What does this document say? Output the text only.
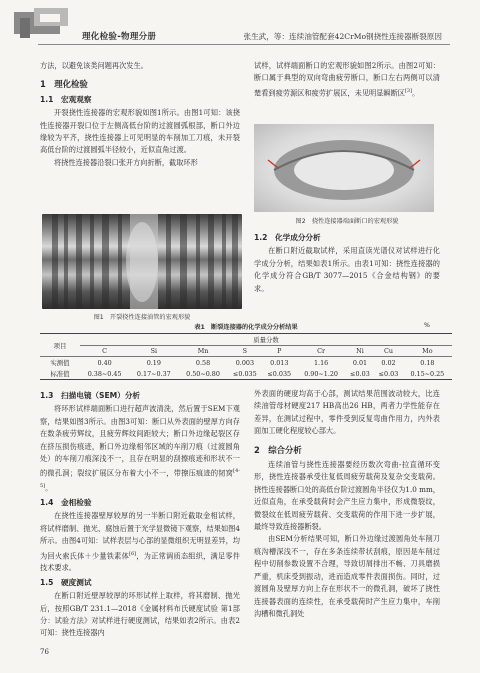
理化检验-物理分册	张生武，等：连续油管配套42CrMo钢挠性连接器断裂原因

方法，以避免该类问题再次发生。

1　理化检验
1.1　宏观观察

开裂挠性连接器的宏观形貌如图1所示。由图1可知：该挠性连接器开裂口位于左侧高低台阶的过渡圆弧根部，断口外边缘较为平齐，挠性连接器上可见明显的车削加工刀痕，未开裂高低台阶的过渡圆弧半径较小，近似直角过渡。

将挠性连接器沿裂口张开方向折断，截取环形

图1　开裂挠性连接油管的宏观形貌

试样，试样端面断口的宏观形貌如图2所示。由图2可知：断口属于典型的双向弯曲疲劳断口，断口左右两侧可以清楚看到疲劳源区和疲劳扩展区，未见明显瞬断区[3]。

图2　挠性连接器端面断口的宏观形貌
1.2　化学成分分析

在断口附近截取试样，采用直读光谱仪对试样进行化学成分分析，结果如表1所示。由表1可知：挠性连接器的化学成分符合GB/T 3077—2015《合金结构钢》的要求。

表1　断裂连接器的化学成分分析结果	%
项目	质量分数								
	C	Si	Mn	S	P	Cr	Ni	Cu	Mo
实测值	0.40	0.19	0.58	0.003	0.013	1.16	0.01	0.02	0.18
标准值	0.38~0.45	0.17~0.37	0.50~0.80	≤0.035	≤0.035	0.90~1.20	≤0.03	≤0.03	0.15~0.25
1.3　扫描电镜（SEM）分析

将环形试样端面断口进行超声波清洗，然后置于SEM下观察，结果如图3所示。由图3可知：断口从外表面的壁厚方向存在数条疲劳辉纹，且疲劳辉纹间距较大；断口外边缘起裂区存在挤压损伤痕迹，断口外边缘相邻区域的车削刀痕（过渡圆角处）的车削刀痕深浅不一，且存在明显的刮擦痕迹和形状不一的微孔洞；裂纹扩展区分布着大小不一，带擦压痕迹的韧窝[4-5]。

1.4　金相检验

在挠性连接器壁厚较厚的另一半断口附近截取金相试样，将试样磨制、抛光、腐蚀后置于光学显微镜下观察，结果如图4所示。由图4可知：试样表层与心部的显微组织无明显差异，均为回火索氏体＋少量铁素体[6]，为正常调质态组织，满足零件技术要求。

1.5　硬度测试

在断口附近壁厚较厚的环形试样上取样，将其磨制、抛光后，按照GB/T 231.1—2018《金属材料布氏硬度试验 第1部分：试验方法》对试样进行硬度测试，结果如表2所示。由表2可知：挠性连接器内

76

外表面的硬度均高于心部，测试结果范围波动较大，比连续油管母材硬度217 HB高出26 HB，两者力学性能存在差异，在测试过程中，零件受到反复弯曲作用力，内外表面加工硬化程度较心部大。

2　综合分析

连续油管与挠性连接器要经历数次弯曲-拉直循环变形，挠性连接器承受往复低周疲劳载荷及复杂交变载荷。挠性连接器断口处的高低台阶过渡圆角半径仅为1.0 mm，近似直角，在承受载荷时会产生应力集中，形成微裂纹，微裂纹在低周疲劳载荷、交变载荷的作用下进一步扩展，最终导致连接器断裂。

由SEM分析结果可知，断口外边缘过渡圆角处车削刀痕沟槽深浅不一，存在多条连续带状刮痕，原因是车削过程中切削参数设置不合理，导致切屑排出不畅、刀具磨损严重，机床受到振动，进而造成零件表面损伤。同时，过渡圆角及壁厚方向上存在形状不一的微孔洞，破坏了挠性连接器表面的连续性，在承受载荷时产生应力集中，车削沟槽和微孔洞处
